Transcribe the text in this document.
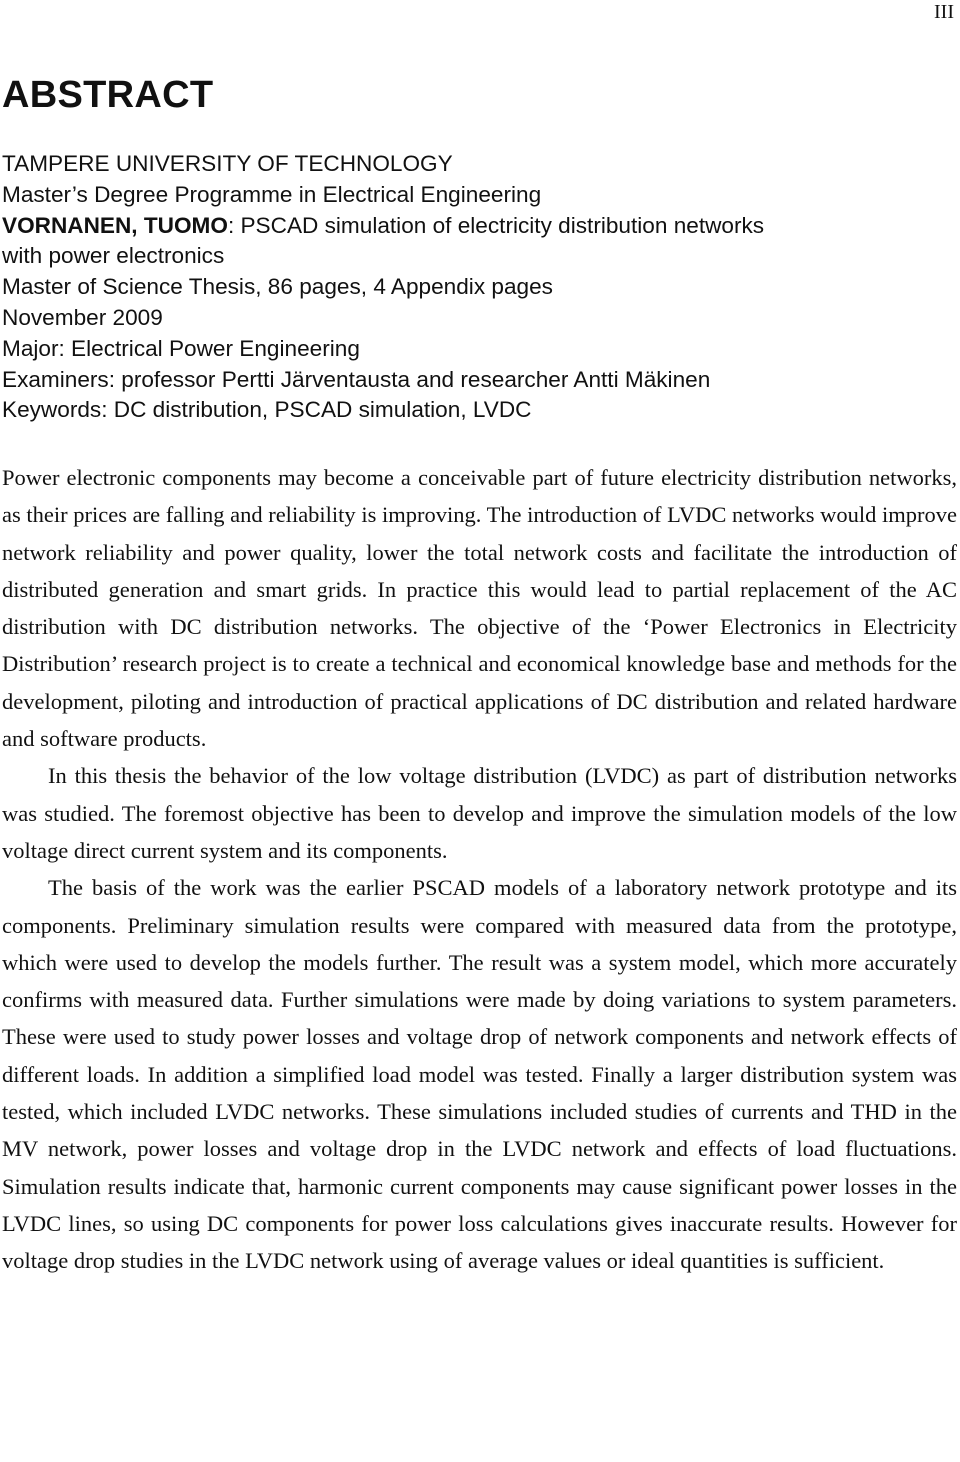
III
ABSTRACT
TAMPERE UNIVERSITY OF TECHNOLOGY
Master’s Degree Programme in Electrical Engineering
VORNANEN, TUOMO: PSCAD simulation of electricity distribution networks
with power electronics
Master of Science Thesis, 86 pages, 4 Appendix pages
November 2009
Major: Electrical Power Engineering
Examiners: professor Pertti Järventausta and researcher Antti Mäkinen
Keywords: DC distribution, PSCAD simulation, LVDC

Power electronic components may become a conceivable part of future electricity distribution networks, as their prices are falling and reliability is improving. The introduction of LVDC networks would improve network reliability and power quality, lower the total network costs and facilitate the introduction of distributed generation and smart grids. In practice this would lead to partial replacement of the AC distribution with DC distribution networks. The objective of the ‘Power Electronics in Electricity Distribution’ research project is to create a technical and economical knowledge base and methods for the development, piloting and introduction of practical applications of DC distribution and related hardware and software products.

In this thesis the behavior of the low voltage distribution (LVDC) as part of distribution networks was studied. The foremost objective has been to develop and improve the simulation models of the low voltage direct current system and its components.

The basis of the work was the earlier PSCAD models of a laboratory network prototype and its components. Preliminary simulation results were compared with measured data from the prototype, which were used to develop the models further. The result was a system model, which more accurately confirms with measured data. Further simulations were made by doing variations to system parameters. These were used to study power losses and voltage drop of network components and network effects of different loads. In addition a simplified load model was tested. Finally a larger distribution system was tested, which included LVDC networks. These simulations included studies of currents and THD in the MV network, power losses and voltage drop in the LVDC network and effects of load fluctuations. Simulation results indicate that, harmonic current components may cause significant power losses in the LVDC lines, so using DC components for power loss calculations gives inaccurate results. However for voltage drop studies in the LVDC network using of average values or ideal quantities is sufficient.
